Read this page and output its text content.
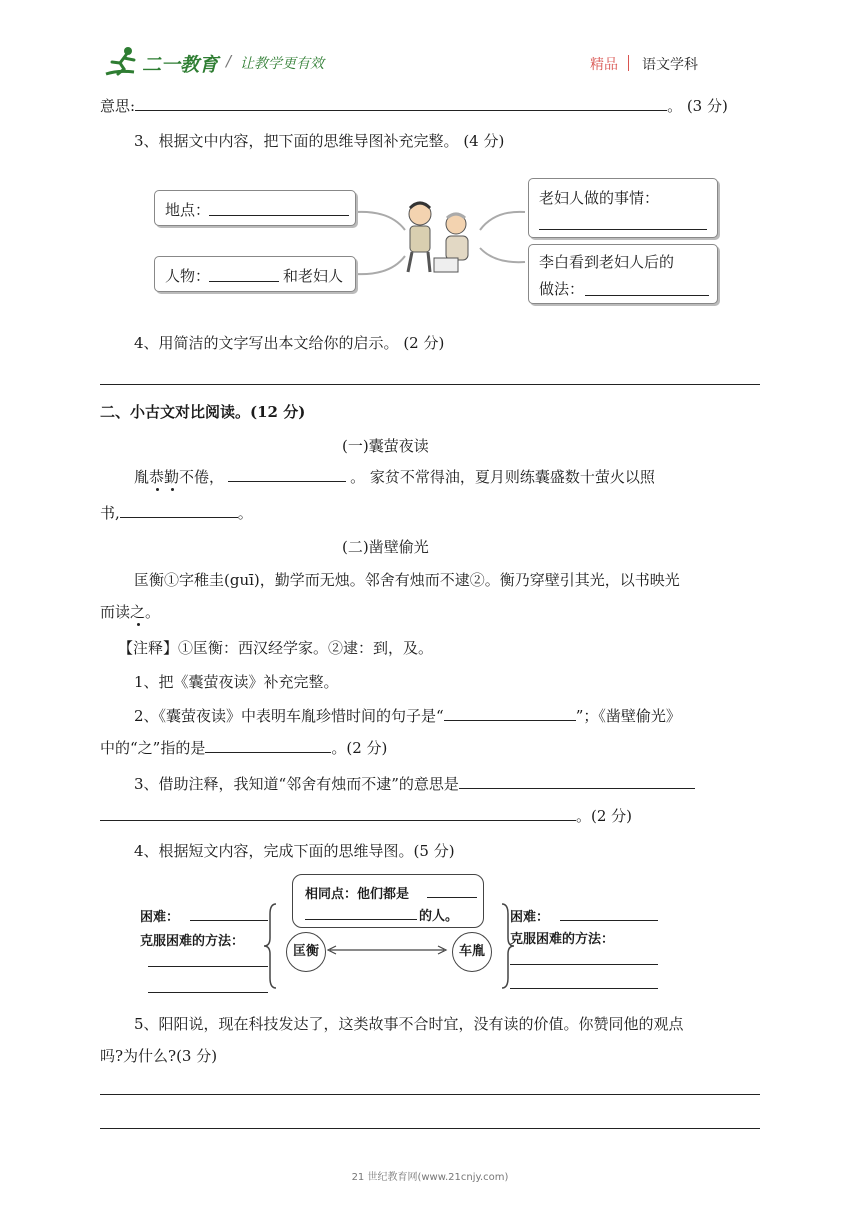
二一教育 / 让教学更有效	精品 语文学科
意思:	。 (3 分)
3、根据文中内容，把下面的思维导图补充完整。 (4 分)
地点：
人物：	和老妇人
老妇人做的事情：
李白看到老妇人后的
做法：
4、用简洁的文字写出本文给你的启示。 (2 分)
二、小古文对比阅读。(12 分)
(一)囊萤夜读
胤恭勤不倦，	。 家贫不常得油，夏月则练囊盛数十萤火以照
书,	。
(二)凿壁偷光
匡衡①字稚圭(guī)，勤学而无烛。邻舍有烛而不逮②。衡乃穿壁引其光，以书映光
而读之。
【注释】①匡衡：西汉经学家。②逮：到，及。
1、把《囊萤夜读》补充完整。
2、《囊萤夜读》中表明车胤珍惜时间的句子是“	”；《凿壁偷光》
中的“之”指的是	。(2 分)
3、借助注释，我知道“邻舍有烛而不逮”的意思是
。(2 分)
4、根据短文内容，完成下面的思维导图。(5 分)
相同点：他们都是
的人。
困难：
克服困难的方法：
匡衡	车胤
困难：
克服困难的方法：
5、阳阳说，现在科技发达了，这类故事不合时宜，没有读的价值。你赞同他的观点
吗?为什么?(3 分)
21 世纪教育网(www.21cnjy.com)
